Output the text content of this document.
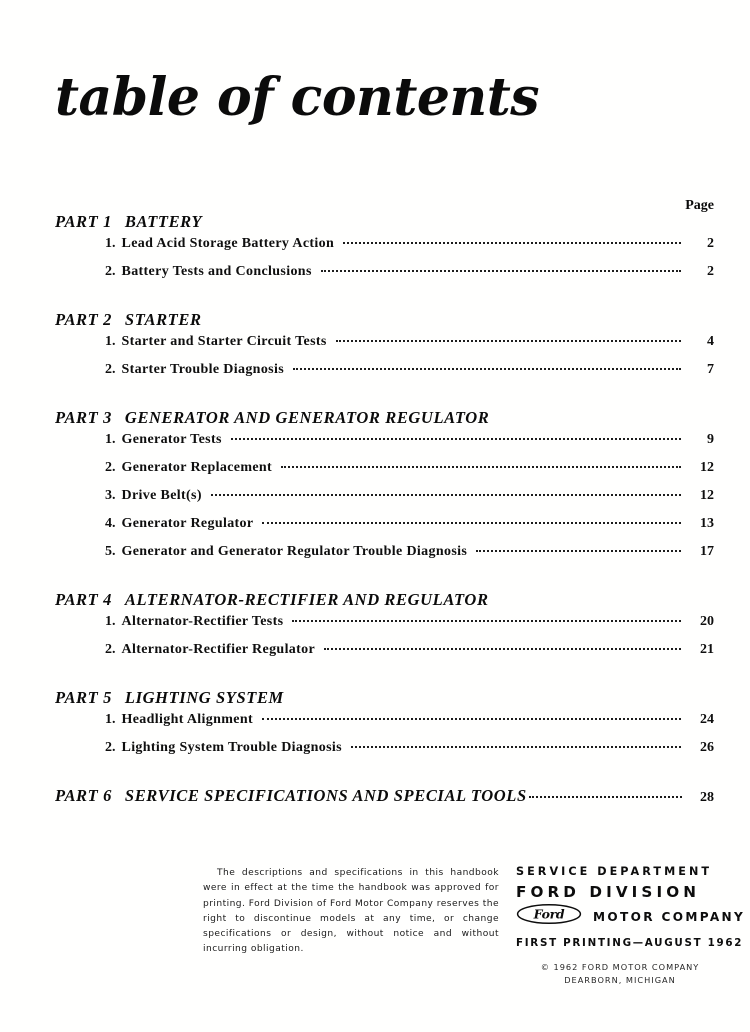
table of contents
Page
PART 1 BATTERY
1. Lead Acid Storage Battery Action	2
2. Battery Tests and Conclusions	2
PART 2 STARTER
1. Starter and Starter Circuit Tests	4
2. Starter Trouble Diagnosis	7
PART 3 GENERATOR AND GENERATOR REGULATOR
1. Generator Tests	9
2. Generator Replacement	12
3. Drive Belt(s)	12
4. Generator Regulator	13
5. Generator and Generator Regulator Trouble Diagnosis	17
PART 4 ALTERNATOR-RECTIFIER AND REGULATOR
1. Alternator-Rectifier Tests	20
2. Alternator-Rectifier Regulator	21
PART 5 LIGHTING SYSTEM
1. Headlight Alignment	24
2. Lighting System Trouble Diagnosis	26
PART 6 SERVICE SPECIFICATIONS AND SPECIAL TOOLS	28
The descriptions and specifications in this handbook were in effect at the time the handbook was approved for printing. Ford Division of Ford Motor Company reserves the right to discontinue models at any time, or change specifications or design, without notice and without incurring obligation.
SERVICE DEPARTMENT
FORD DIVISION
Ford MOTOR COMPANY
FIRST PRINTING—AUGUST 1962
© 1962 FORD MOTOR COMPANY
DEARBORN, MICHIGAN
